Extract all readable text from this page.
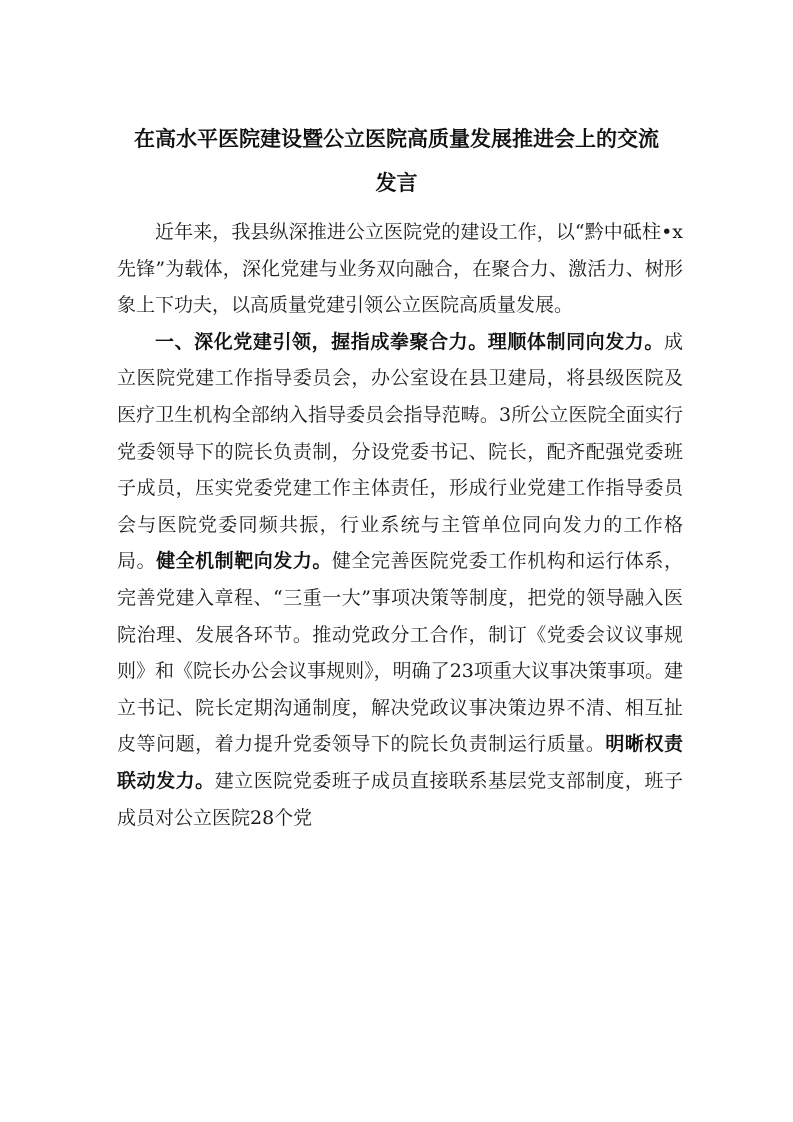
在高水平医院建设暨公立医院高质量发展推进会上的交流
发言

近年来，我县纵深推进公立医院党的建设工作，以“黔中砥柱•x先锋”为载体，深化党建与业务双向融合，在聚合力、激活力、树形象上下功夫，以高质量党建引领公立医院高质量发展。

一、深化党建引领，握指成拳聚合力。理顺体制同向发力。成立医院党建工作指导委员会，办公室设在县卫建局，将县级医院及医疗卫生机构全部纳入指导委员会指导范畴。3所公立医院全面实行党委领导下的院长负责制，分设党委书记、院长，配齐配强党委班子成员，压实党委党建工作主体责任，形成行业党建工作指导委员会与医院党委同频共振，行业系统与主管单位同向发力的工作格局。健全机制靶向发力。健全完善医院党委工作机构和运行体系，完善党建入章程、“三重一大”事项决策等制度，把党的领导融入医院治理、发展各环节。推动党政分工合作，制订《党委会议议事规则》和《院长办公会议事规则》，明确了23项重大议事决策事项。建立书记、院长定期沟通制度，解决党政议事决策边界不清、相互扯皮等问题，着力提升党委领导下的院长负责制运行质量。明晰权责联动发力。建立医院党委班子成员直接联系基层党支部制度，班子成员对公立医院28个党
